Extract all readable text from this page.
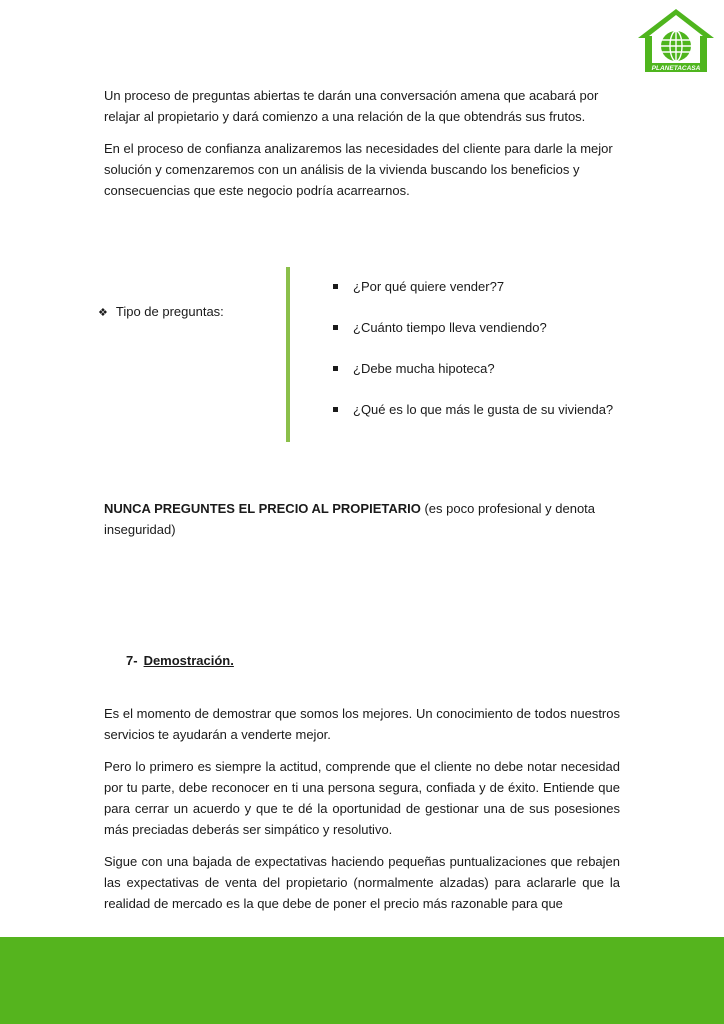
PLANETACASA

Un proceso de preguntas abiertas te darán una conversación amena que acabará por relajar al propietario y dará comienzo a una relación de la que obtendrás sus frutos.

En el proceso de confianza analizaremos las necesidades del cliente para darle la mejor solución y comenzaremos con un análisis de la vivienda buscando los beneficios y consecuencias que este negocio podría acarrearnos.

❖ Tipo de preguntas:
¿Por qué quiere vender?7
¿Cuánto tiempo lleva vendiendo?
¿Debe mucha hipoteca?
¿Qué es lo que más le gusta de su vivienda?

NUNCA PREGUNTES EL PRECIO AL PROPIETARIO (es poco profesional y denota inseguridad)

7- Demostración.

Es el momento de demostrar que somos los mejores. Un conocimiento de todos nuestros servicios te ayudarán a venderte mejor.

Pero lo primero es siempre la actitud, comprende que el cliente no debe notar necesidad por tu parte, debe reconocer en ti una persona segura, confiada y de éxito. Entiende que para cerrar un acuerdo y que te dé la oportunidad de gestionar una de sus posesiones más preciadas deberás ser simpático y resolutivo.

Sigue con una bajada de expectativas haciendo pequeñas puntualizaciones que rebajen las expectativas de venta del propietario (normalmente alzadas) para aclararle que la realidad de mercado es la que debe de poner el precio más razonable para que
